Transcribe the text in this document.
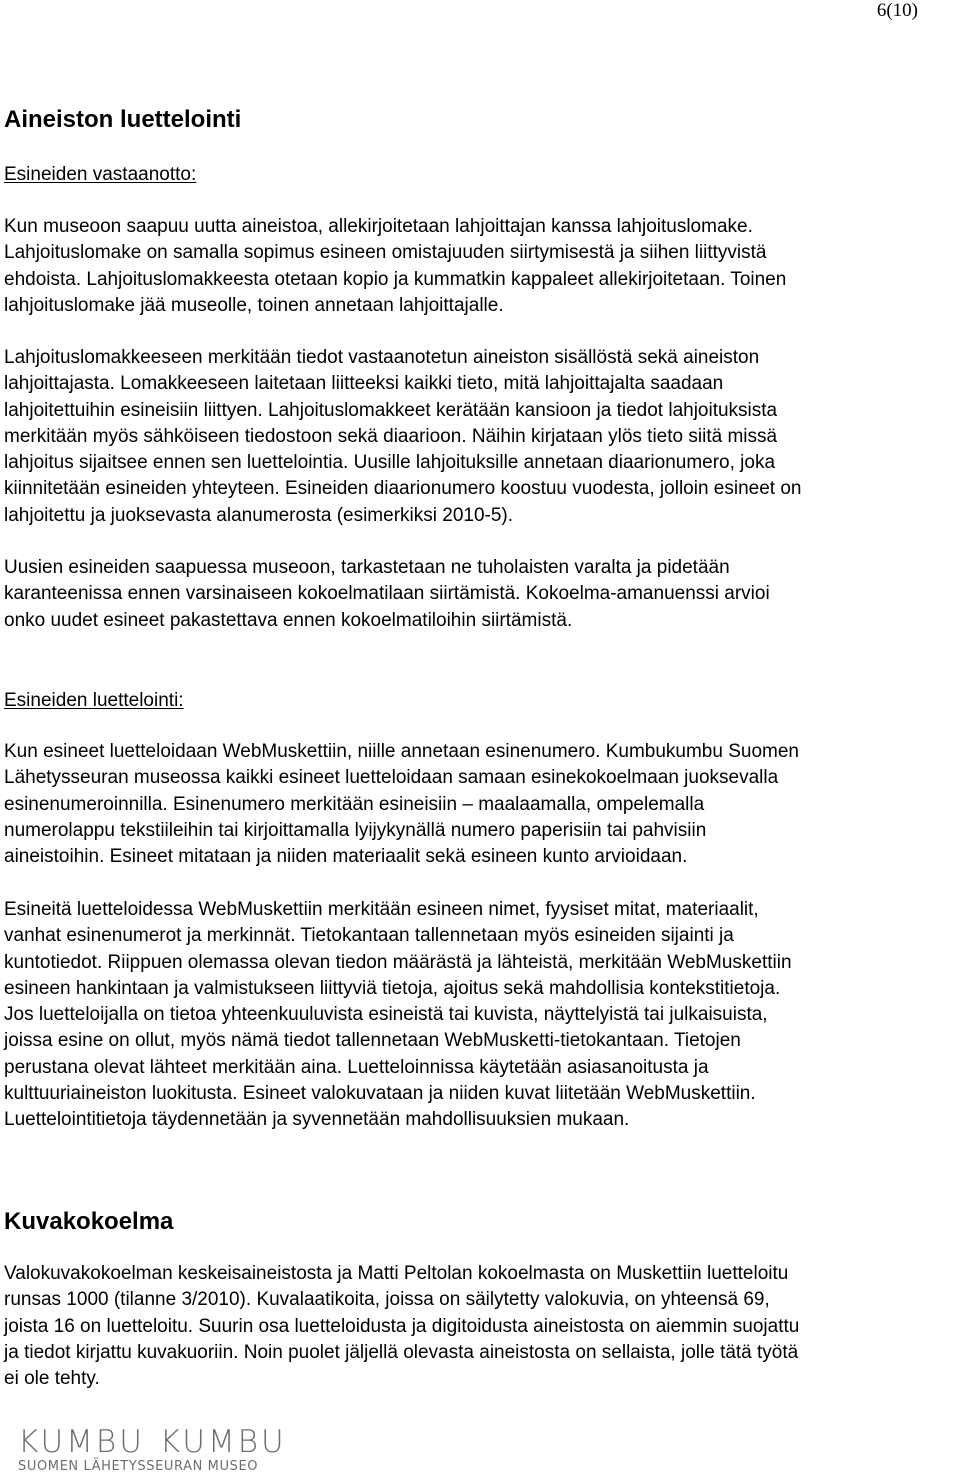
6(10)
Aineiston luettelointi
Esineiden vastaanotto:
Kun museoon saapuu uutta aineistoa, allekirjoitetaan lahjoittajan kanssa lahjoituslomake.
Lahjoituslomake on samalla sopimus esineen omistajuuden siirtymisestä ja siihen liittyvistä
ehdoista. Lahjoituslomakkeesta otetaan kopio ja kummatkin kappaleet allekirjoitetaan. Toinen
lahjoituslomake jää museolle, toinen annetaan lahjoittajalle.
Lahjoituslomakkeeseen merkitään tiedot vastaanotetun aineiston sisällöstä sekä aineiston
lahjoittajasta. Lomakkeeseen laitetaan liitteeksi kaikki tieto, mitä lahjoittajalta saadaan
lahjoitettuihin esineisiin liittyen. Lahjoituslomakkeet kerätään kansioon ja tiedot lahjoituksista
merkitään myös sähköiseen tiedostoon sekä diaarioon. Näihin kirjataan ylös tieto siitä missä
lahjoitus sijaitsee ennen sen luettelointia. Uusille lahjoituksille annetaan diaarionumero, joka
kiinnitetään esineiden yhteyteen. Esineiden diaarionumero koostuu vuodesta, jolloin esineet on
lahjoitettu ja juoksevasta alanumerosta (esimerkiksi 2010-5).
Uusien esineiden saapuessa museoon, tarkastetaan ne tuholaisten varalta ja pidetään
karanteenissa ennen varsinaiseen kokoelmatilaan siirtämistä. Kokoelma-amanuenssi arvioi
onko uudet esineet pakastettava ennen kokoelmatiloihin siirtämistä.
Esineiden luettelointi:
Kun esineet luetteloidaan WebMuskettiin, niille annetaan esinenumero. Kumbukumbu Suomen
Lähetysseuran museossa kaikki esineet luetteloidaan samaan esinekokoelmaan juoksevalla
esinenumeroinnilla. Esinenumero merkitään esineisiin – maalaamalla, ompelemalla
numerolappu tekstiileihin tai kirjoittamalla lyijykynällä numero paperisiin tai pahvisiin
aineistoihin. Esineet mitataan ja niiden materiaalit sekä esineen kunto arvioidaan.
Esineitä luetteloidessa WebMuskettiin merkitään esineen nimet, fyysiset mitat, materiaalit,
vanhat esinenumerot ja merkinnät. Tietokantaan tallennetaan myös esineiden sijainti ja
kuntotiedot. Riippuen olemassa olevan tiedon määrästä ja lähteistä, merkitään WebMuskettiin
esineen hankintaan ja valmistukseen liittyviä tietoja, ajoitus sekä mahdollisia kontekstitietoja.
Jos luetteloijalla on tietoa yhteenkuuluvista esineistä tai kuvista, näyttelyistä tai julkaisuista,
joissa esine on ollut, myös nämä tiedot tallennetaan WebMusketti-tietokantaan. Tietojen
perustana olevat lähteet merkitään aina. Luetteloinnissa käytetään asiasanoitusta ja
kulttuuriaineiston luokitusta. Esineet valokuvataan ja niiden kuvat liitetään WebMuskettiin.
Luettelointitietoja täydennetään ja syvennetään mahdollisuuksien mukaan.
Kuvakokoelma
Valokuvakokoelman keskeisaineistosta ja Matti Peltolan kokoelmasta on Muskettiin luetteloitu
runsas 1000 (tilanne 3/2010). Kuvalaatikoita, joissa on säilytetty valokuvia, on yhteensä 69,
joista 16 on luetteloitu. Suurin osa luetteloidusta ja digitoidusta aineistosta on aiemmin suojattu
ja tiedot kirjattu kuvakuoriin. Noin puolet jäljellä olevasta aineistosta on sellaista, jolle tätä työtä
ei ole tehty.
KUMBU KUMBU
SUOMEN LÄHETYSSEURAN MUSEO
